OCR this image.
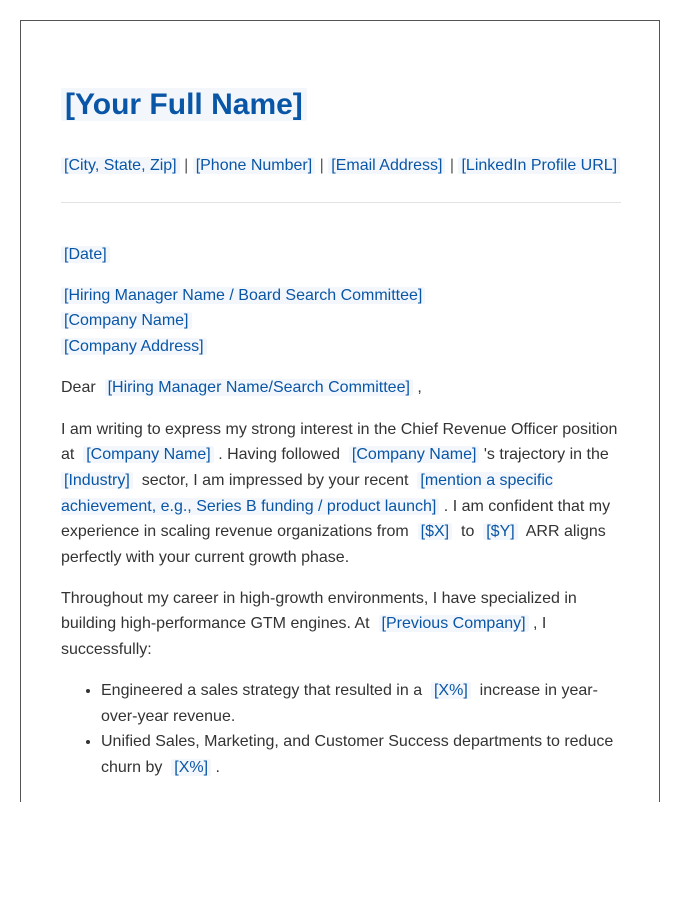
[Your Full Name]
[City, State, Zip] | [Phone Number] | [Email Address] | [LinkedIn Profile URL]

[Date]

[Hiring Manager Name / Board Search Committee]

[Company Name]

[Company Address]

Dear [Hiring Manager Name/Search Committee] ,

I am writing to express my strong interest in the Chief Revenue Officer position at [Company Name] . Having followed [Company Name] 's trajectory in the [Industry] sector, I am impressed by your recent [mention a specific achievement, e.g., Series B funding / product launch] . I am confident that my experience in scaling revenue organizations from [$X] to [$Y] ARR aligns perfectly with your current growth phase.

Throughout my career in high-growth environments, I have specialized in building high-performance GTM engines. At [Previous Company] , I successfully:

• Engineered a sales strategy that resulted in a [X%] increase in year-over-year revenue.
• Unified Sales, Marketing, and Customer Success departments to reduce churn by [X%] .
